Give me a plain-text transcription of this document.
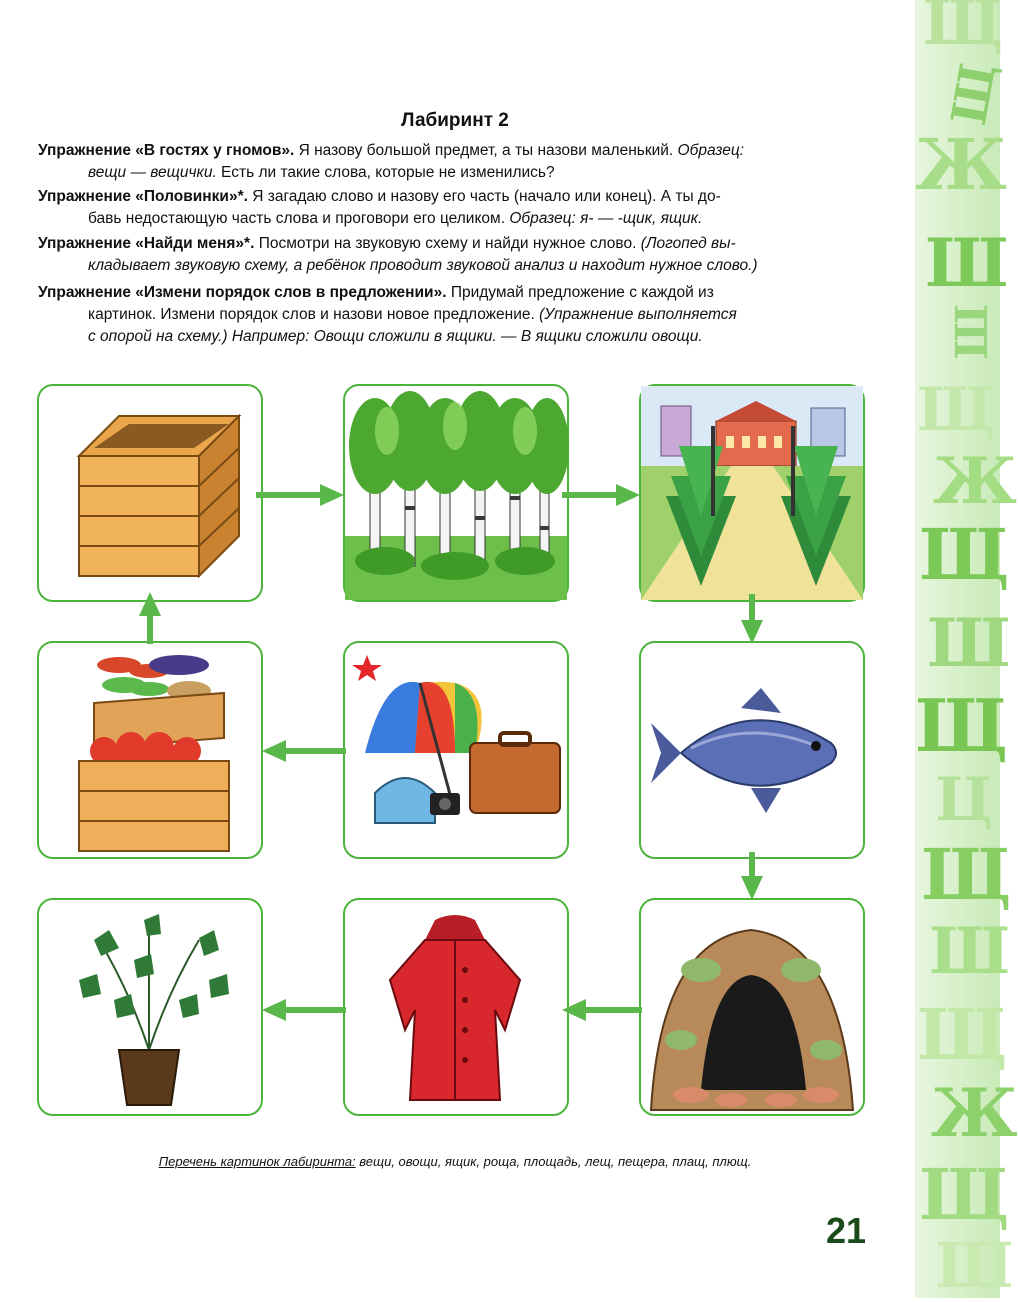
Щ
Щ
Ж
Ш
Ш
Щ
Ж
Щ
Ш
Щ
Ц
Щ
Ш
Щ
Ж
Щ
Ш
Лабиринт 2
Упражнение «В гостях у гномов». Я назову большой предмет, а ты назови маленький. Образец:
вещи — вещички. Есть ли такие слова, которые не изменились?
Упражнение «Половинки»*. Я загадаю слово и назову его часть (начало или конец). А ты до-
бавь недостающую часть слова и проговори его целиком. Образец: я- — -щик, ящик.
Упражнение «Найди меня»*. Посмотри на звуковую схему и найди нужное слово. (Логопед вы-
кладывает звуковую схему, а ребёнок проводит звуковой анализ и находит нужное слово.)
Упражнение «Измени порядок слов в предложении». Придумай предложение с каждой из
картинок. Измени порядок слов и назови новое предложение. (Упражнение выполняется
с опорой на схему.) Например: Овощи сложили в ящики. — В ящики сложили овощи.
Перечень картинок лабиринта: вещи, овощи, ящик, роща, площадь, лещ, пещера, плащ, плющ.
21
